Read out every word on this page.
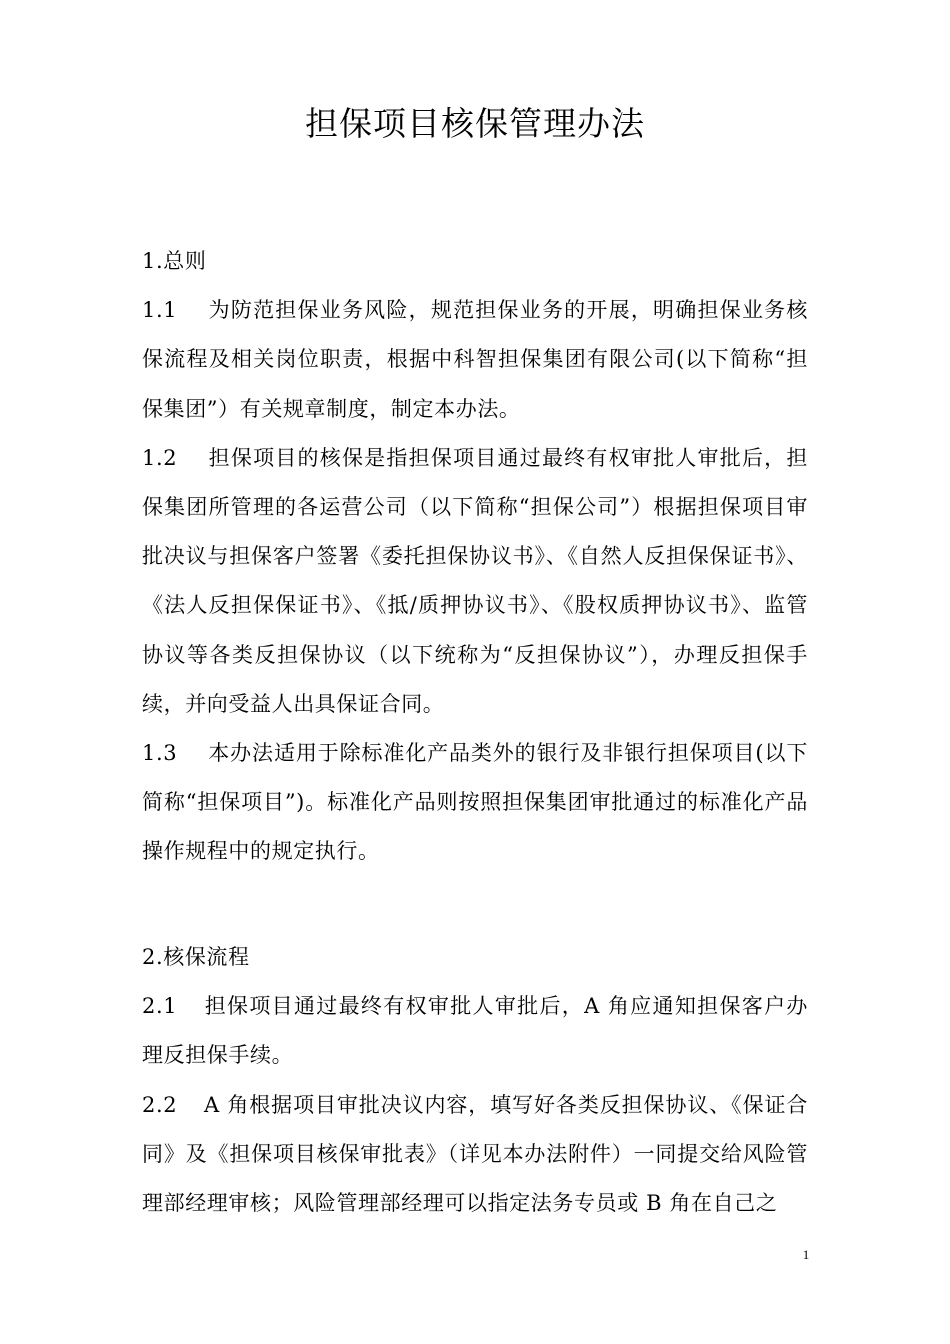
担保项目核保管理办法
1.总则

1.1 为防范担保业务风险，规范担保业务的开展，明确担保业务核保流程及相关岗位职责，根据中科智担保集团有限公司(以下简称“担保集团”）有关规章制度，制定本办法。

1.2 担保项目的核保是指担保项目通过最终有权审批人审批后，担保集团所管理的各运营公司（以下简称“担保公司”）根据担保项目审批决议与担保客户签署《委托担保协议书》、《自然人反担保保证书》、《法人反担保保证书》、《抵/质押协议书》、《股权质押协议书》、监管协议等各类反担保协议（以下统称为“反担保协议”），办理反担保手续，并向受益人出具保证合同。

1.3 本办法适用于除标准化产品类外的银行及非银行担保项目(以下简称“担保项目”)。标准化产品则按照担保集团审批通过的标准化产品操作规程中的规定执行。

2.核保流程

2.1 担保项目通过最终有权审批人审批后，A 角应通知担保客户办理反担保手续。

2.2 A 角根据项目审批决议内容，填写好各类反担保协议、《保证合同》及《担保项目核保审批表》（详见本办法附件）一同提交给风险管理部经理审核；风险管理部经理可以指定法务专员或 B 角在自己之

1
